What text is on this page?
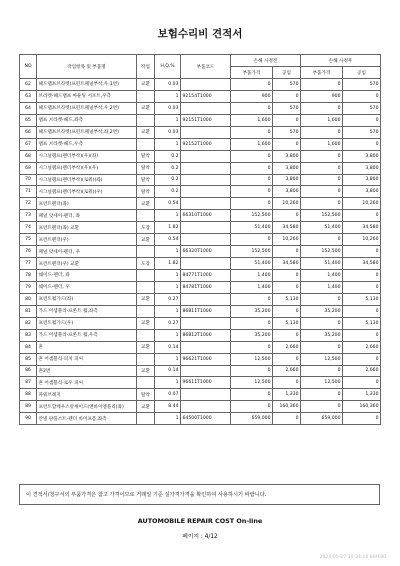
보험수리비 견적서
NO	작업항목 및 부품명	작업	H,Q,%	부품코드	손해 사정전		손해 사정후	
					부품가격	공임	부품가격	공임
62	헤드램프브라켓(프런트패널부착,우,1번)	교환	0.03		0	570	0	570
63	브라켓-헤드램프 마운팅 서포트,우측		1	92154T1000	900	0	900	0
64	헤드램프브라켓(프런트패널부착,우,2번)	교환	0.03		0	570	0	570
65	램프 브라켓-헤드,좌측		1	92151T1000	1,600	0	1,600	0
66	헤드램프브라켓(프런트패널부착,좌,2번)	교환	0.03		0	570	0	570
67	램프 브라켓-헤드,우측		1	92152T1000	1,600	0	1,600	0
68	시그널램프(펜더부착)(우)(좌)	탈착	0.2		0	3,800	0	3,800
69	시그널램프(펜더부착)(우)(우)	탈착	0.2		0	3,800	0	3,800
70	시그널램프(펜더부착)(로워)(좌)	탈착	0.2		0	3,800	0	3,800
71	시그널램프(펜더부착)(로워)(우)	탈착	0.2		0	3,800	0	3,800
72	프런트펜더(좌)	교환	0.54		0	10,260	0	10,260
73	패널 앗세이-펜더, 좌		1	66310T1000	152,500	0	152,500	0
74	프런트펜더(좌) 교환	도장	1.82		51,400	34,580	51,400	34,580
75	프런트펜더(우)	교환	0.54		0	10,260	0	10,260
76	패널 앗세이-펜더, 우		1	66320T1000	152,500	0	152,500	0
77	프런트펜더(우) 교환	도장	1.82		51,400	34,580	51,400	34,580
78	쉐이드-펜더, 좌		1	84771T1000	1,400	0	1,400	0
79	쉐이드-펜더, 우		1	84781T1000	1,400	0	1,400	0
80	프런트휠가드(좌)	교환	0.27		0	5,130	0	5,130
81	가드 어셈블리-프론트 휠,좌측		1	86811T1000	35,200	0	35,200	0
82	프런트휠가드(우)	교환	0.27		0	5,130	0	5,130
83	가드 어셈블리-프론트 휠,우측		1	86812T1000	35,200	0	35,200	0
84	흔	교환	0.14		0	2,660	0	2,660
85	흔 어셈블리-피치 피씨		1	96621T1000	12,500	0	12,500	0
86	흔2번	교환	0.14		0	2,660	0	2,660
87	흔 어셈블리-로우 피씨		1	96611T1000	12,500	0	12,500	0
88	파워브레지	탈착	0.07		0	1,330	0	1,330
89	프런트할케우스앗세이드(앤바이엘플리(좌)	교환	8.44		0	160,360	0	160,360
90	안넬 판플스트-펜더 바이프폼,좌측		1	64500T1000	659,000	0	659,000	0
이 견적서/청구서의 부품가격은 참고 가격이므로 거래일 기준 실가격가격을 확인하여 사용하시기 바랍니다.
AUTOMOBILE REPAIR COST On-line
페이지 : 4/12
2024-05-27 10:34:10 80/190
